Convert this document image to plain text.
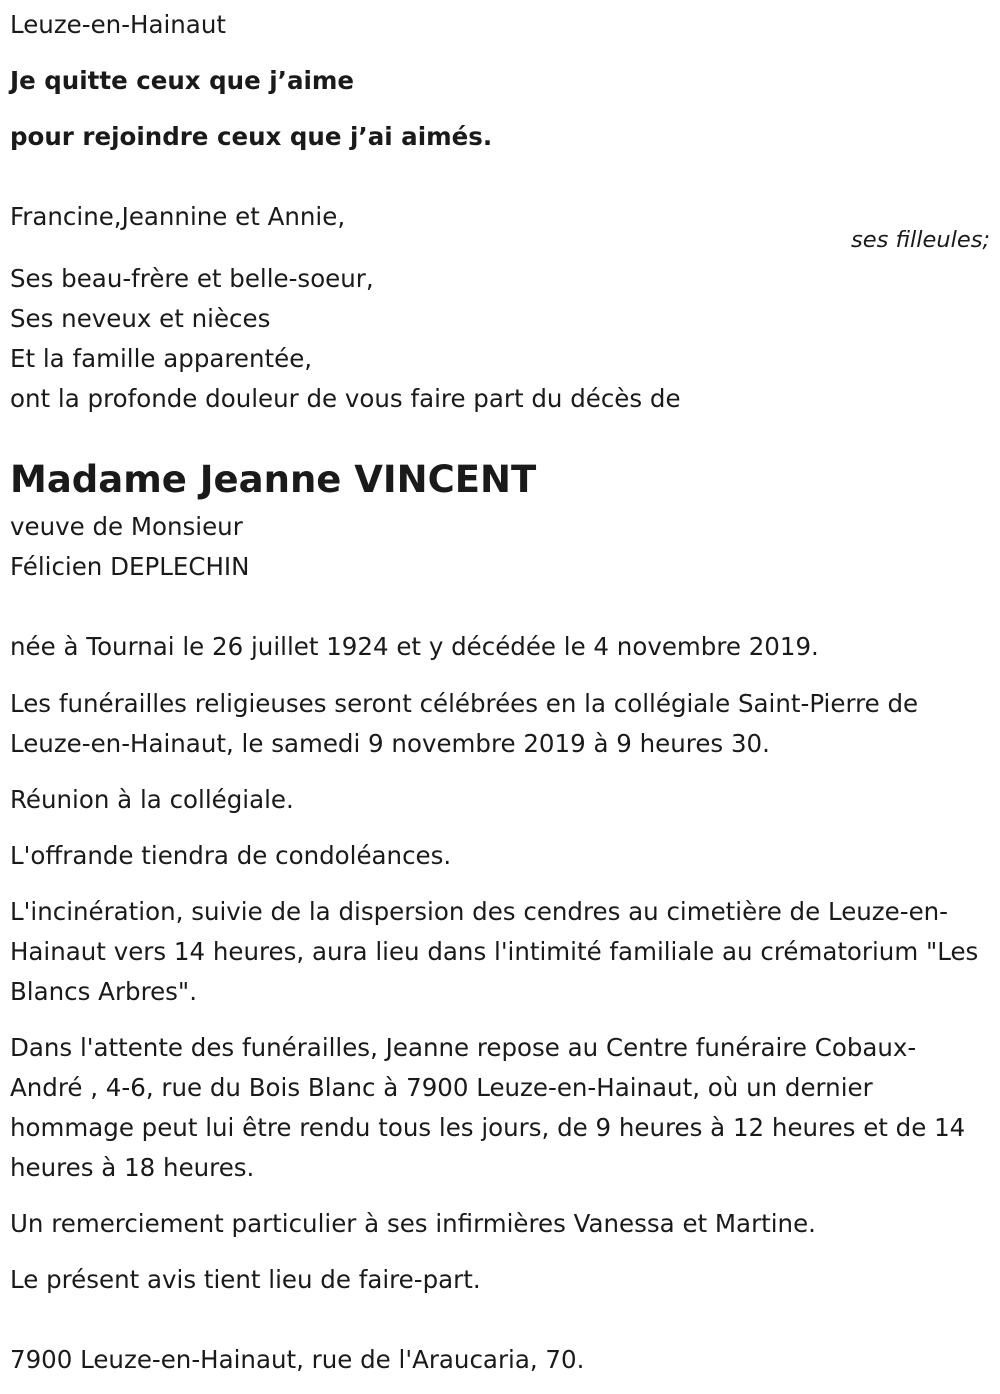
Leuze-en-Hainaut
Je quitte ceux que j’aime
pour rejoindre ceux que j’ai aimés.
Francine,Jeannine et Annie,
ses filleules;
Ses beau-frère et belle-soeur,
Ses neveux et nièces
Et la famille apparentée,
ont la profonde douleur de vous faire part du décès de
Madame Jeanne VINCENT
veuve de Monsieur
Félicien DEPLECHIN
née à Tournai le 26 juillet 1924 et y décédée le 4 novembre 2019.
Les funérailles religieuses seront célébrées en la collégiale Saint-Pierre de Leuze-en-Hainaut, le samedi 9 novembre 2019 à 9 heures 30.
Réunion à la collégiale.
L'offrande tiendra de condoléances.
L'incinération, suivie de la dispersion des cendres au cimetière de Leuze-en-Hainaut vers 14 heures, aura lieu dans l'intimité familiale au crématorium "Les Blancs Arbres".
Dans l'attente des funérailles, Jeanne repose au Centre funéraire Cobaux-André , 4-6, rue du Bois Blanc à 7900 Leuze-en-Hainaut, où un dernier hommage peut lui être rendu tous les jours, de 9 heures à 12 heures et de 14 heures à 18 heures.
Un remerciement particulier à ses infirmières Vanessa et Martine.
Le présent avis tient lieu de faire-part.
7900 Leuze-en-Hainaut, rue de l'Araucaria, 70.
